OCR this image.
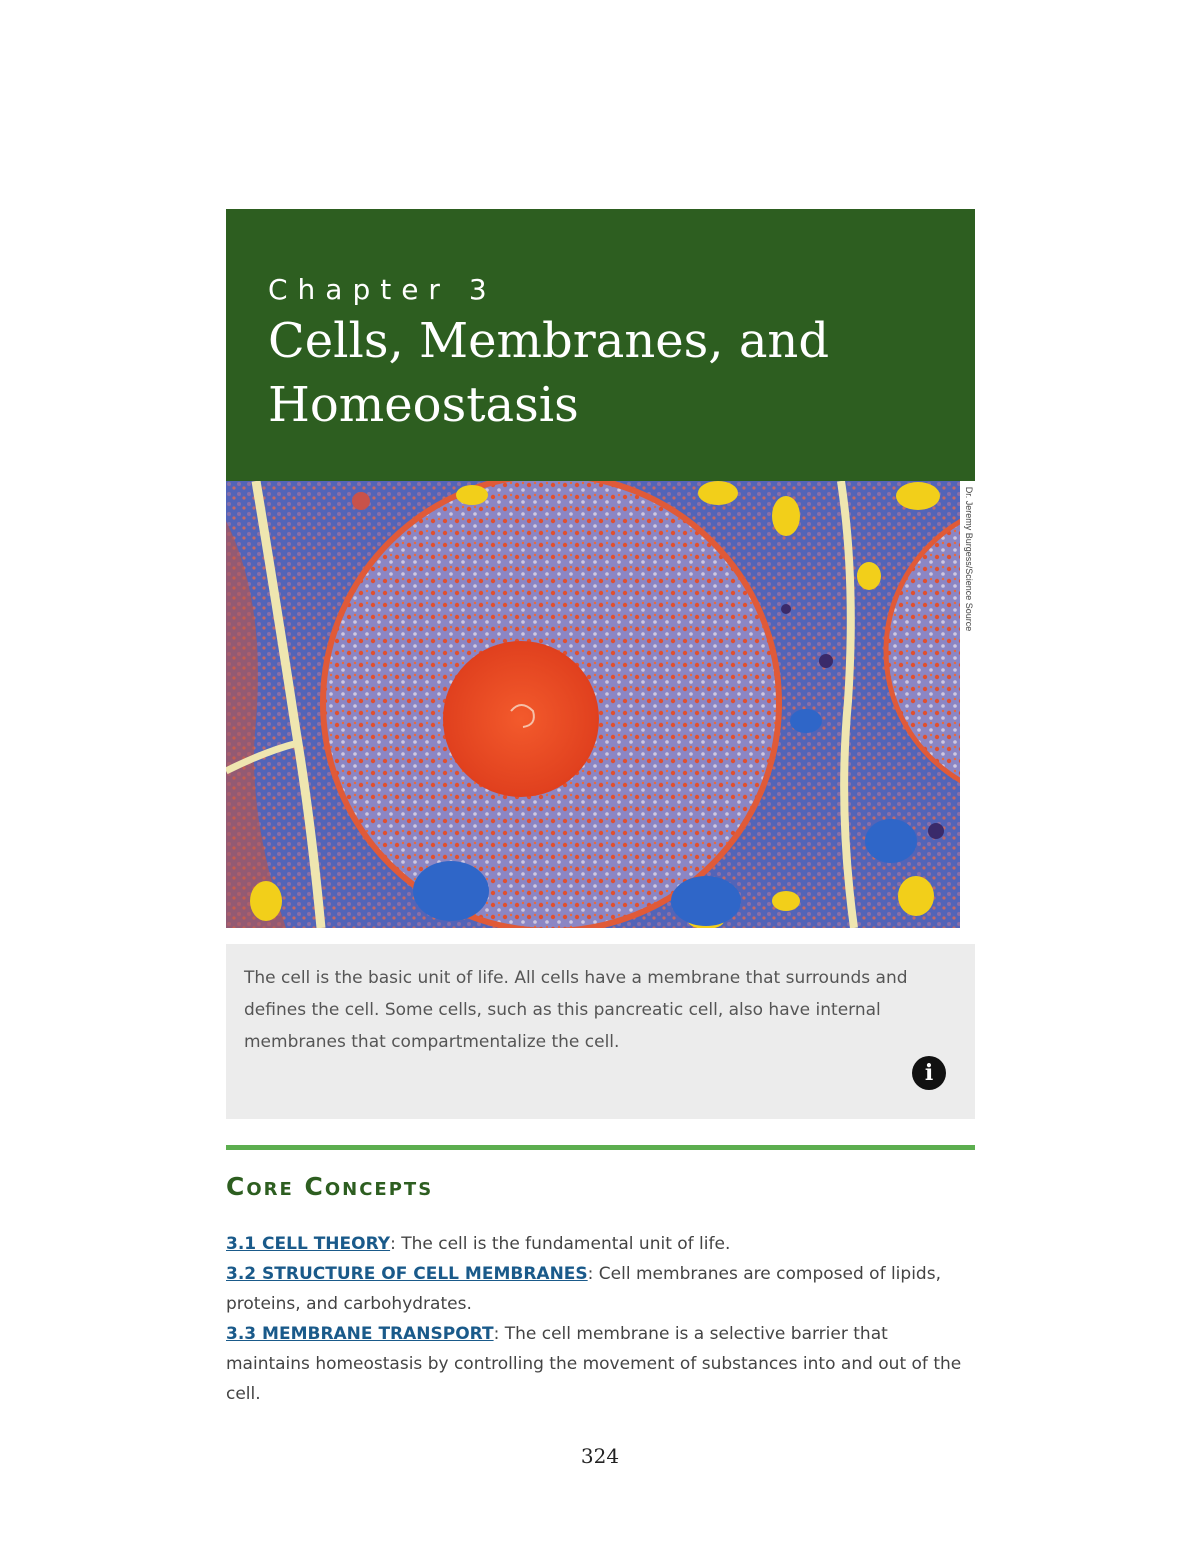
Chapter 3
Cells, Membranes, and Homeostasis
Dr. Jeremy Burgess/Science Source
The cell is the basic unit of life. All cells have a membrane that surrounds and defines the cell. Some cells, such as this pancreatic cell, also have internal membranes that compartmentalize the cell.
i
Core Concepts

3.1 CELL THEORY: The cell is the fundamental unit of life.

3.2 STRUCTURE OF CELL MEMBRANES: Cell membranes are composed of lipids, proteins, and carbohydrates.

3.3 MEMBRANE TRANSPORT: The cell membrane is a selective barrier that maintains homeostasis by controlling the movement of substances into and out of the cell.

324
